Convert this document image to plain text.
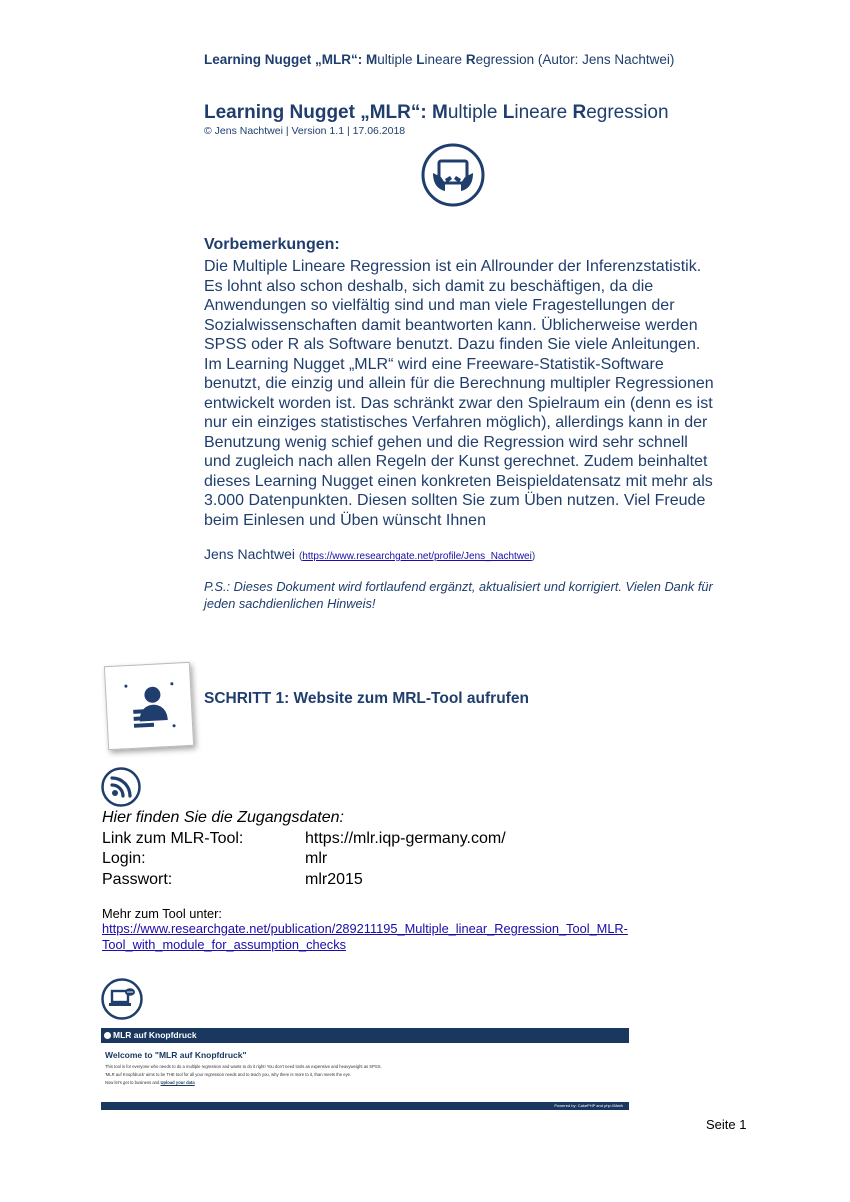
Learning Nugget „MLR“: Multiple Lineare Regression (Autor: Jens Nachtwei)
Learning Nugget „MLR“: Multiple Lineare Regression
© Jens Nachtwei | Version 1.1 | 17.06.2018
Vorbemerkungen:
Die Multiple Lineare Regression ist ein Allrounder der Inferenzstatistik.
Es lohnt also schon deshalb, sich damit zu beschäftigen, da die
Anwendungen so vielfältig sind und man viele Fragestellungen der
Sozialwissenschaften damit beantworten kann. Üblicherweise werden
SPSS oder R als Software benutzt. Dazu finden Sie viele Anleitungen.
Im Learning Nugget „MLR“ wird eine Freeware-Statistik-Software
benutzt, die einzig und allein für die Berechnung multipler Regressionen
entwickelt worden ist. Das schränkt zwar den Spielraum ein (denn es ist
nur ein einziges statistisches Verfahren möglich), allerdings kann in der
Benutzung wenig schief gehen und die Regression wird sehr schnell
und zugleich nach allen Regeln der Kunst gerechnet. Zudem beinhaltet
dieses Learning Nugget einen konkreten Beispieldatensatz mit mehr als
3.000 Datenpunkten. Diesen sollten Sie zum Üben nutzen. Viel Freude
beim Einlesen und Üben wünscht Ihnen
Jens Nachtwei (https://www.researchgate.net/profile/Jens_Nachtwei)
P.S.: Dieses Dokument wird fortlaufend ergänzt, aktualisiert und korrigiert. Vielen Dank für jeden sachdienlichen Hinweis!
SCHRITT 1: Website zum MRL-Tool aufrufen
Hier finden Sie die Zugangsdaten:
Link zum MLR-Tool:	https://mlr.iqp-germany.com/
Login:	mlr
Passwort:	mlr2015
Mehr zum Tool unter:
https://www.researchgate.net/publication/289211195_Multiple_linear_Regression_Tool_MLR-
Tool_with_module_for_assumption_checks
MLR auf Knopfdruck
Welcome to "MLR auf Knopfdruck"
This tool is for everyone who needs to do a multiple regression and wants to do it right! You don't need tools as expensive and heavyweight as SPSS.
'MLR auf Knopfdruck' aims to be THE tool for all your regression needs and to teach you, why there is more to it, than meets the eye.
Now let's get to business and Upload your data
Powered by: CakePHP and php://Math
Seite 1
